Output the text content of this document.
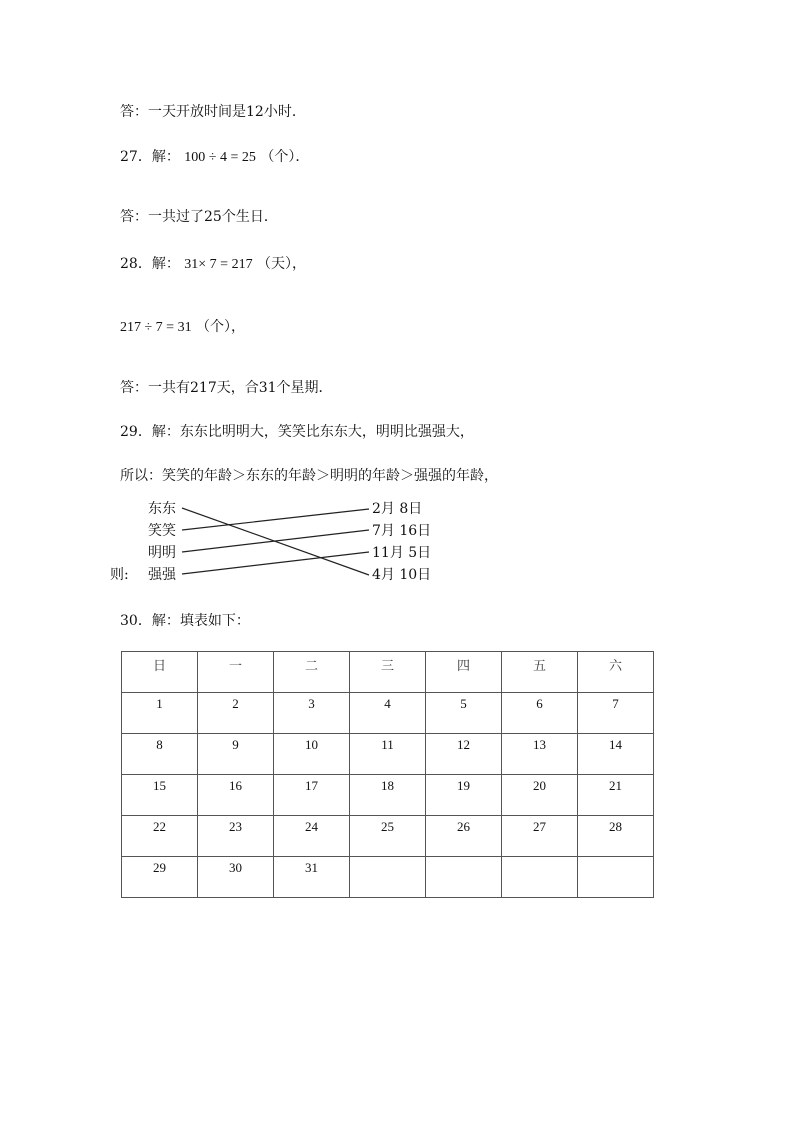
答：一天开放时间是12小时．
27．解： 100 ÷ 4 = 25 （个）．
答：一共过了25个生日．
28．解： 31× 7 = 217 （天），
217 ÷ 7 = 31 （个），
答：一共有217天，合31个星期．
29．解：东东比明明大，笑笑比东东大，明明比强强大，
所以：笑笑的年龄＞东东的年龄＞明明的年龄＞强强的年龄，
则:
东东
笑笑
明明
强强
2月 8日
7月 16日
11月 5日
4月 10日
30．解：填表如下：
日	一	二	三	四	五	六
1	2	3	4	5	6	7
8	9	10	11	12	13	14
15	16	17	18	19	20	21
22	23	24	25	26	27	28
29	30	31				
